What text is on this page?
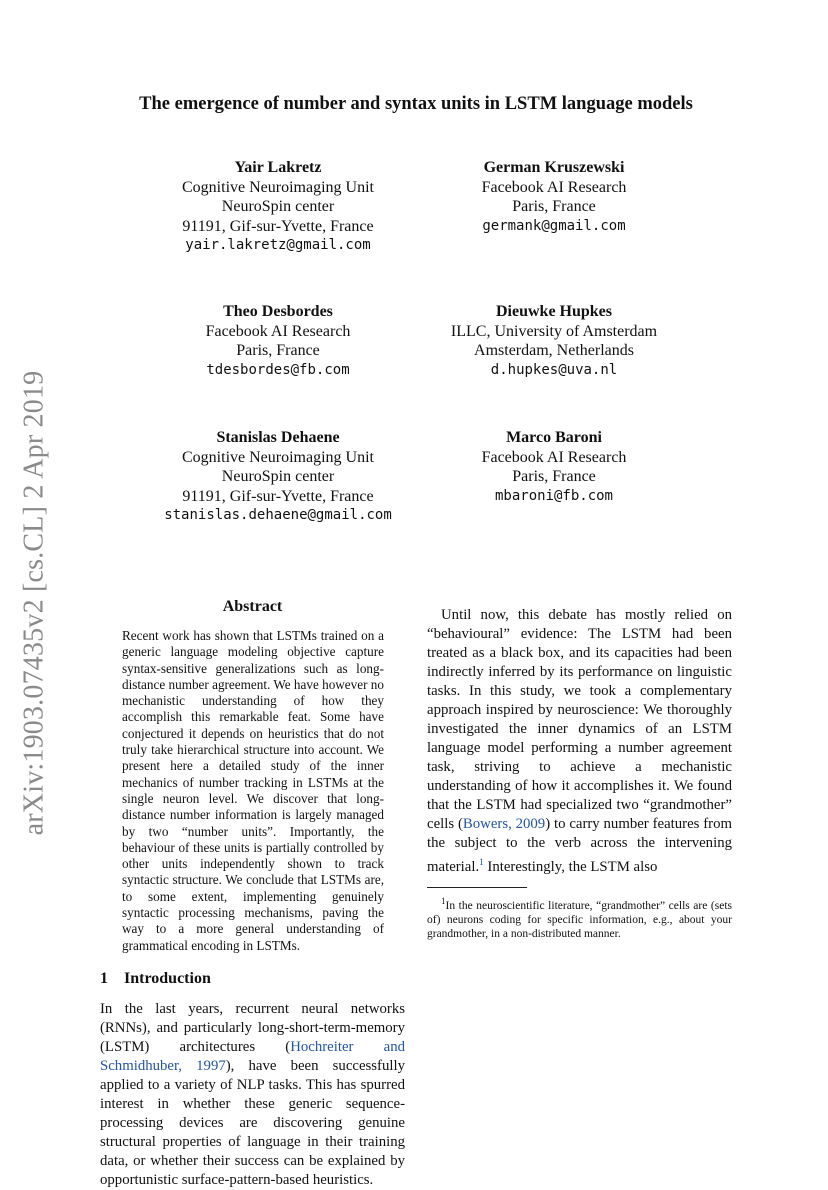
arXiv:1903.07435v2 [cs.CL] 2 Apr 2019
The emergence of number and syntax units in LSTM language models
Yair Lakretz
Cognitive Neuroimaging Unit
NeuroSpin center
91191, Gif-sur-Yvette, France
yair.lakretz@gmail.com
German Kruszewski
Facebook AI Research
Paris, France
germank@gmail.com
Theo Desbordes
Facebook AI Research
Paris, France
tdesbordes@fb.com
Dieuwke Hupkes
ILLC, University of Amsterdam
Amsterdam, Netherlands
d.hupkes@uva.nl
Stanislas Dehaene
Cognitive Neuroimaging Unit
NeuroSpin center
91191, Gif-sur-Yvette, France
stanislas.dehaene@gmail.com
Marco Baroni
Facebook AI Research
Paris, France
mbaroni@fb.com
Abstract

Recent work has shown that LSTMs trained on a generic language modeling objective capture syntax-sensitive generalizations such as long-distance number agreement. We have however no mechanistic understanding of how they accomplish this remarkable feat. Some have conjectured it depends on heuristics that do not truly take hierarchical structure into account. We present here a detailed study of the inner mechanics of number tracking in LSTMs at the single neuron level. We discover that long-distance number information is largely managed by two “number units”. Importantly, the behaviour of these units is partially controlled by other units independently shown to track syntactic structure. We conclude that LSTMs are, to some extent, implementing genuinely syntactic processing mechanisms, paving the way to a more general understanding of grammatical encoding in LSTMs.

1 Introduction

In the last years, recurrent neural networks (RNNs), and particularly long-short-term-memory (LSTM) architectures (Hochreiter and Schmidhuber, 1997), have been successfully applied to a variety of NLP tasks. This has spurred interest in whether these generic sequence-processing devices are discovering genuine structural properties of language in their training data, or whether their success can be explained by opportunistic surface-pattern-based heuristics.

Until now, this debate has mostly relied on “behavioural” evidence: The LSTM had been treated as a black box, and its capacities had been indirectly inferred by its performance on linguistic tasks. In this study, we took a complementary approach inspired by neuroscience: We thoroughly investigated the inner dynamics of an LSTM language model performing a number agreement task, striving to achieve a mechanistic understanding of how it accomplishes it. We found that the LSTM had specialized two “grandmother” cells (Bowers, 2009) to carry number features from the subject to the verb across the intervening material.$^1$ Interestingly, the LSTM also

$^1$In the neuroscientific literature, “grandmother” cells are (sets of) neurons coding for specific information, e.g., about your grandmother, in a non-distributed manner.
